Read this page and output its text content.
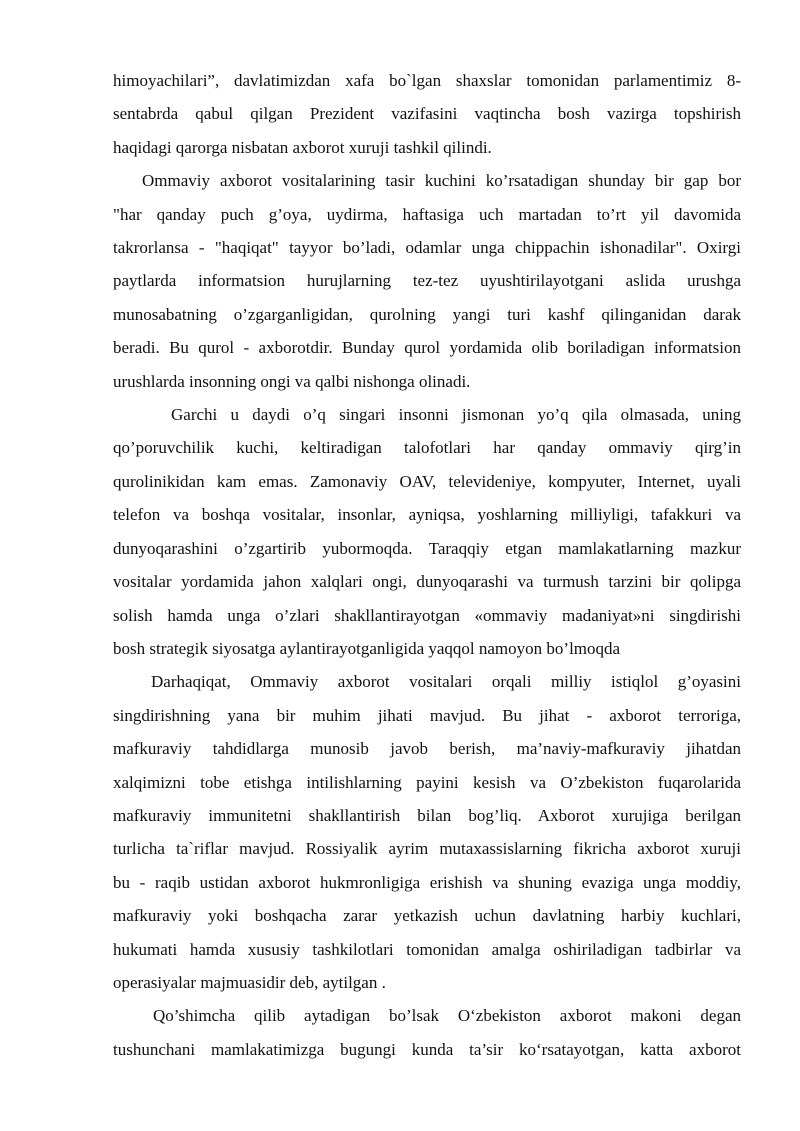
himoyachilari”, davlatimizdan xafa bo`lgan shaxslar tomonidan parlamentimiz 8-
sentabrda qabul qilgan Prezident vazifasini vaqtincha bosh vazirga topshirish
haqidagi qarorga nisbatan axborot xuruji tashkil qilindi.

Ommaviy axborot vositalarining tasir kuchini ko’rsatadigan shunday bir gap bor
"har qanday puch g’oya, uydirma, haftasiga uch martadan to’rt yil davomida
takrorlansa - "haqiqat" tayyor bo’ladi, odamlar unga chippachin ishonadilar". Oxirgi
paytlarda informatsion hurujlarning tez-tez uyushtirilayotgani aslida urushga
munosabatning o’zgarganligidan, qurolning yangi turi kashf qilinganidan darak
beradi. Bu qurol - axborotdir. Bunday qurol yordamida olib boriladigan informatsion
urushlarda insonning ongi va qalbi nishonga olinadi.

Garchi u daydi o’q singari insonni jismonan yo’q qila olmasada, uning
qo’poruvchilik kuchi, keltiradigan talofotlari har qanday ommaviy qirg’in
qurolinikidan kam emas. Zamonaviy OAV, televideniye, kompyuter, Internet, uyali
telefon va boshqa vositalar, insonlar, ayniqsa, yoshlarning milliyligi, tafakkuri va
dunyoqarashini o’zgartirib yubormoqda. Taraqqiy etgan mamlakatlarning mazkur
vositalar yordamida jahon xalqlari ongi, dunyoqarashi va turmush tarzini bir qolipga
solish hamda unga o’zlari shakllantirayotgan «ommaviy madaniyat»ni singdirishi
bosh strategik siyosatga aylantirayotganligida yaqqol namoyon bo’lmoqda

Darhaqiqat, Ommaviy axborot vositalari orqali milliy istiqlol g’oyasini
singdirishning yana bir muhim jihati mavjud. Bu jihat - axborot terroriga,
mafkuraviy tahdidlarga munosib javob berish, ma’naviy-mafkuraviy jihatdan
xalqimizni tobe etishga intilishlarning payini kesish va O’zbekiston fuqarolarida
mafkuraviy immunitetni shakllantirish bilan bog’liq. Axborot xurujiga berilgan
turlicha ta`riflar mavjud. Rossiyalik ayrim mutaxassislarning fikricha axborot xuruji
bu - raqib ustidan axborot hukmronligiga erishish va shuning evaziga unga moddiy,
mafkuraviy yoki boshqacha zarar yetkazish uchun davlatning harbiy kuchlari,
hukumati hamda xususiy tashkilotlari tomonidan amalga oshiriladigan tadbirlar va
operasiyalar majmuasidir deb, aytilgan .

Qo’shimcha qilib aytadigan bo’lsak O‘zbekiston axborot makoni degan
tushunchani mamlakatimizga bugungi kunda ta’sir ko‘rsatayotgan, katta axborot
